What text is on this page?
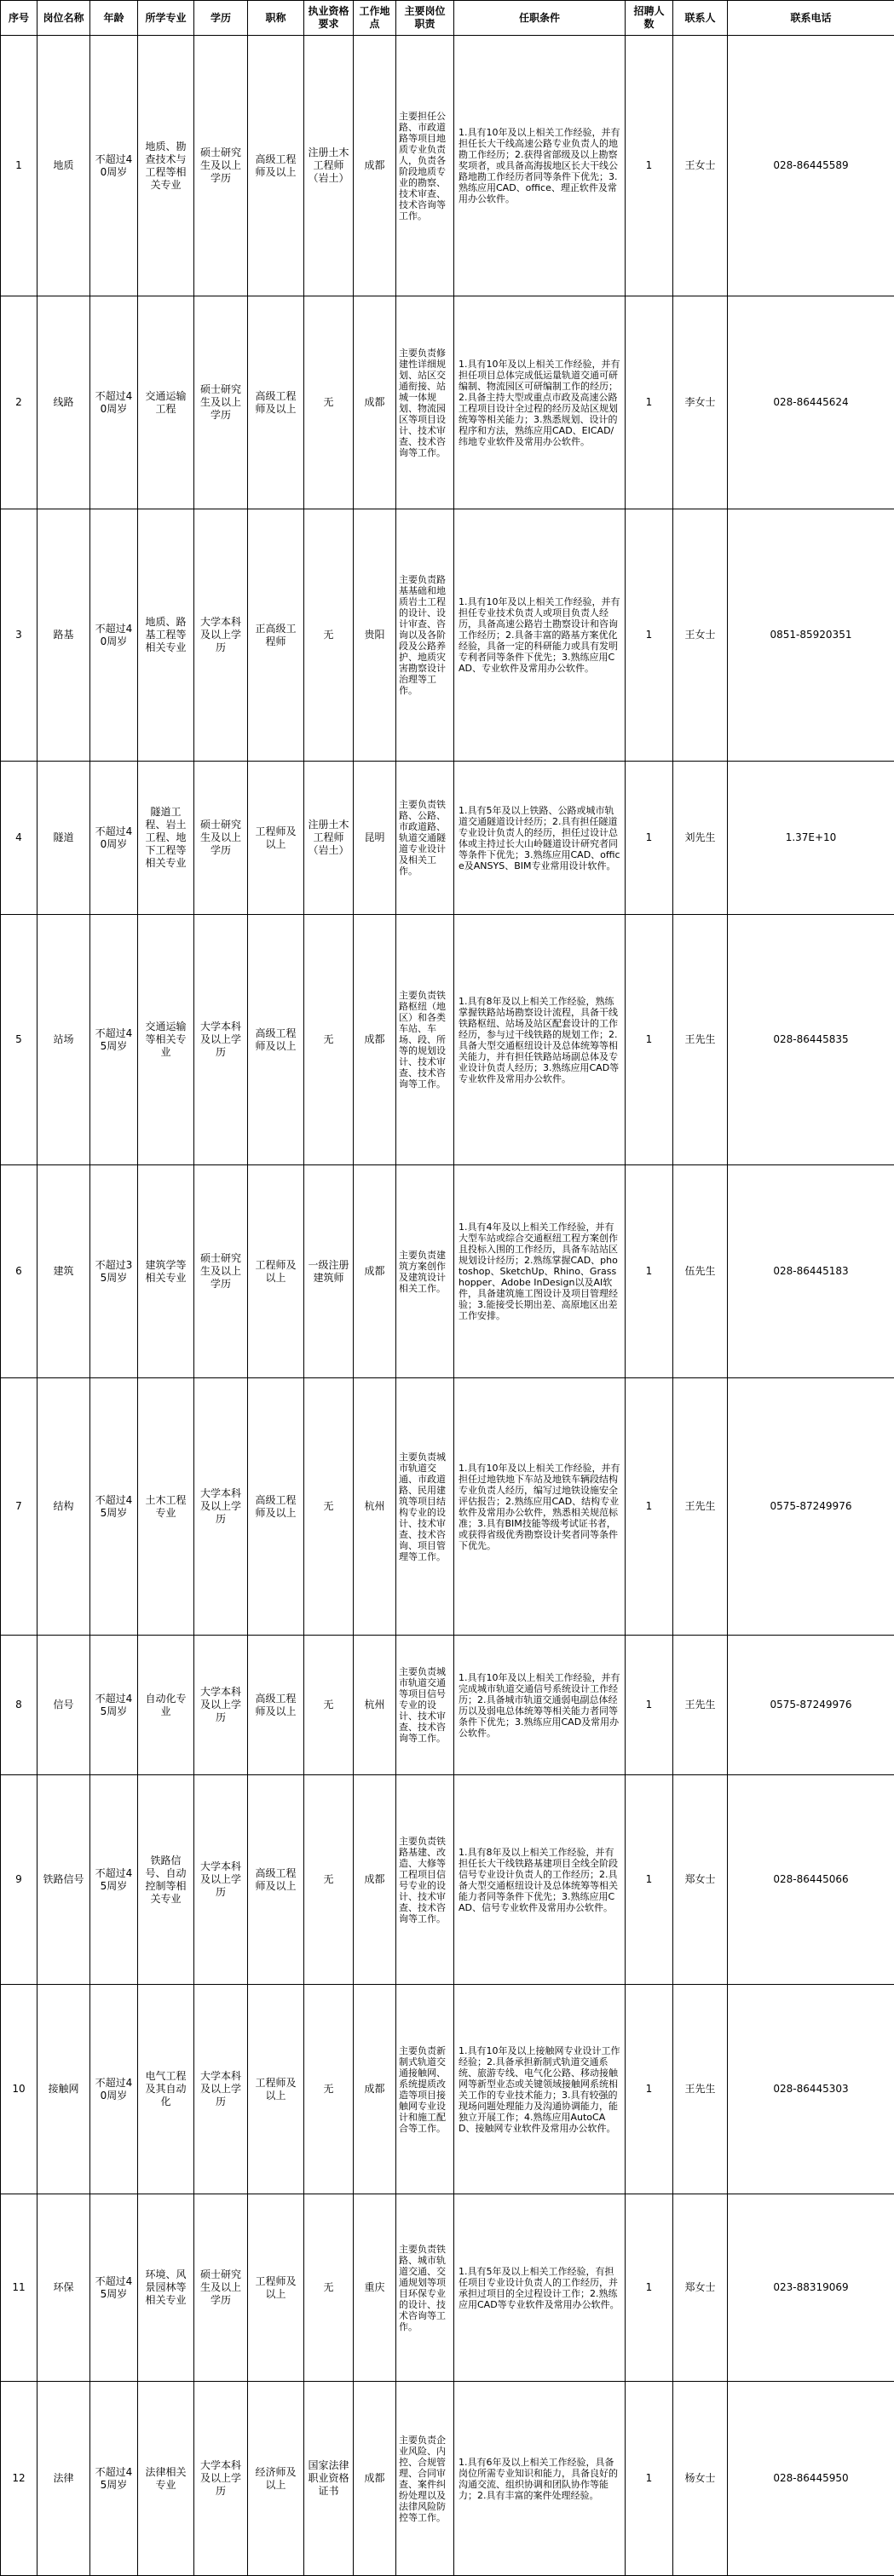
序号	岗位名称	年龄	所学专业	学历	职称	执业资格要求	工作地点	主要岗位职责	任职条件	招聘人数	联系人	联系电话
1	地质	不超过40周岁	地质、勘查技术与工程等相关专业	硕士研究生及以上学历	高级工程师及以上	注册土木工程师（岩土）	成都	主要担任公路、市政道路等项目地质专业负责人，负责各阶段地质专业的勘察、技术审查、技术咨询等工作。	1.具有10年及以上相关工作经验，并有担任长大干线高速公路专业负责人的地勘工作经历；2.获得省部级及以上勘察奖项者，或具备高海拔地区长大干线公路地勘工作经历者同等条件下优先；3.熟练应用CAD、office、理正软件及常用办公软件。	1	王女士	028-86445589
2	线路	不超过40周岁	交通运输工程	硕士研究生及以上学历	高级工程师及以上	无	成都	主要负责修建性详细规划、站区交通衔接、站城一体规划、物流园区等项目设计、技术审查、技术咨询等工作。	1.具有10年及以上相关工作经验，并有担任项目总体完成低运量轨道交通可研编制、物流园区可研编制工作的经历；2.具备主持大型或重点市政及高速公路工程项目设计全过程的经历及站区规划统筹等相关能力；3.熟悉规划、设计的程序和方法，熟练应用CAD、EICAD/纬地专业软件及常用办公软件。	1	李女士	028-86445624
3	路基	不超过40周岁	地质、路基工程等相关专业	大学本科及以上学历	正高级工程师	无	贵阳	主要负责路基基础和地质岩土工程的设计、设计审查、咨询以及各阶段及公路养护、地质灾害勘察设计治理等工作。	1.具有10年及以上相关工作经验，并有担任专业技术负责人或项目负责人经历，具备高速公路岩土勘察设计和咨询工作经历；2.具备丰富的路基方案优化经验，具备一定的科研能力或具有发明专利者同等条件下优先；3.熟练应用CAD、专业软件及常用办公软件。	1	王女士	0851-85920351
4	隧道	不超过40周岁	隧道工程、岩土工程、地下工程等相关专业	硕士研究生及以上学历	工程师及以上	注册土木工程师（岩土）	昆明	主要负责铁路、公路、市政道路、轨道交通隧道专业设计及相关工作。	1.具有5年及以上铁路、公路或城市轨道交通隧道设计经历；2.具有担任隧道专业设计负责人的经历，担任过设计总体或主持过长大山岭隧道设计研究者同等条件下优先；3.熟练应用CAD、office及ANSYS、BIM专业常用设计软件。	1	刘先生	1.37E+10
5	站场	不超过45周岁	交通运输等相关专业	大学本科及以上学历	高级工程师及以上	无	成都	主要负责铁路枢纽（地区）和各类车站、车场、段、所等的规划设计、技术审查、技术咨询等工作。	1.具有8年及以上相关工作经验，熟练掌握铁路站场勘察设计流程，具备干线铁路枢纽、站场及站区配套设计的工作经历，参与过干线铁路的规划工作；2.具备大型交通枢纽设计及总体统筹等相关能力，并有担任铁路站场副总体及专业设计负责人经历；3.熟练应用CAD等专业软件及常用办公软件。	1	王先生	028-86445835
6	建筑	不超过35周岁	建筑学等相关专业	硕士研究生及以上学历	工程师及以上	一级注册建筑师	成都	主要负责建筑方案创作及建筑设计相关工作。	1.具有4年及以上相关工作经验，并有大型车站或综合交通枢纽工程方案创作且投标入围的工作经历，具备车站站区规划设计经历；2.熟练掌握CAD、photoshop、SketchUp、Rhino、Grasshopper、Adobe InDesign以及AI软件，具备建筑施工图设计及项目管理经验；3.能接受长期出差、高原地区出差工作安排。	1	伍先生	028-86445183
7	结构	不超过45周岁	土木工程专业	大学本科及以上学历	高级工程师及以上	无	杭州	主要负责城市轨道交通、市政道路、民用建筑等项目结构专业的设计、技术审查、技术咨询、项目管理等工作。	1.具有10年及以上相关工作经验，并有担任过地铁地下车站及地铁车辆段结构专业负责人经历，编写过地铁设施安全评估报告；2.熟练应用CAD、结构专业软件及常用办公软件，熟悉相关规范标准；3.具有BIM技能等级考试证书者，或获得省级优秀勘察设计奖者同等条件下优先。	1	王先生	0575-87249976
8	信号	不超过45周岁	自动化专业	大学本科及以上学历	高级工程师及以上	无	杭州	主要负责城市轨道交通等项目信号专业的设计、技术审查、技术咨询等工作。	1.具有10年及以上相关工作经验，并有完成城市轨道交通信号系统设计工作经历；2.具备城市轨道交通弱电副总体经历以及弱电总体统筹等相关能力者同等条件下优先；3.熟练应用CAD及常用办公软件。	1	王先生	0575-87249976
9	铁路信号	不超过45周岁	铁路信号、自动控制等相关专业	大学本科及以上学历	高级工程师及以上	无	成都	主要负责铁路基建、改造、大修等工程项目信号专业的设计、技术审查、技术咨询等工作。	1.具有8年及以上相关工作经验，并有担任长大干线铁路基建项目全线全阶段信号专业设计负责人的工作经历；2.具备大型交通枢纽设计及总体统筹等相关能力者同等条件下优先；3.熟练应用CAD、信号专业软件及常用办公软件。	1	郑女士	028-86445066
10	接触网	不超过40周岁	电气工程及其自动化	大学本科及以上学历	工程师及以上	无	成都	主要负责新制式轨道交通接触网、系统提质改造等项目接触网专业设计和施工配合等工作。	1.具有10年及以上接触网专业设计工作经验；2.具备承担新制式轨道交通系统、旅游专线、电气化公路、移动接触网等新型业态或关键领域接触网系统相关工作的专业技术能力；3.具有较强的现场问题处理能力及沟通协调能力，能独立开展工作；4.熟练应用AutoCAD、接触网专业软件及常用办公软件。	1	王先生	028-86445303
11	环保	不超过45周岁	环境、风景园林等相关专业	硕士研究生及以上学历	工程师及以上	无	重庆	主要负责铁路、城市轨道交通、交通规划等项目环保专业的设计、技术咨询等工作。	1.具有5年及以上相关工作经验，有担任项目专业设计负责人的工作经历，并承担过项目的全过程设计工作；2.熟练应用CAD等专业软件及常用办公软件。	1	郑女士	023-88319069
12	法律	不超过45周岁	法律相关专业	大学本科及以上学历	经济师及以上	国家法律职业资格证书	成都	主要负责企业风险、内控、合规管理、合同审查、案件纠纷处理以及法律风险防控等工作。	1.具有6年及以上相关工作经验，具备岗位所需专业知识和能力，具备良好的沟通交流、组织协调和团队协作等能力；2.具有丰富的案件处理经验。	1	杨女士	028-86445950
